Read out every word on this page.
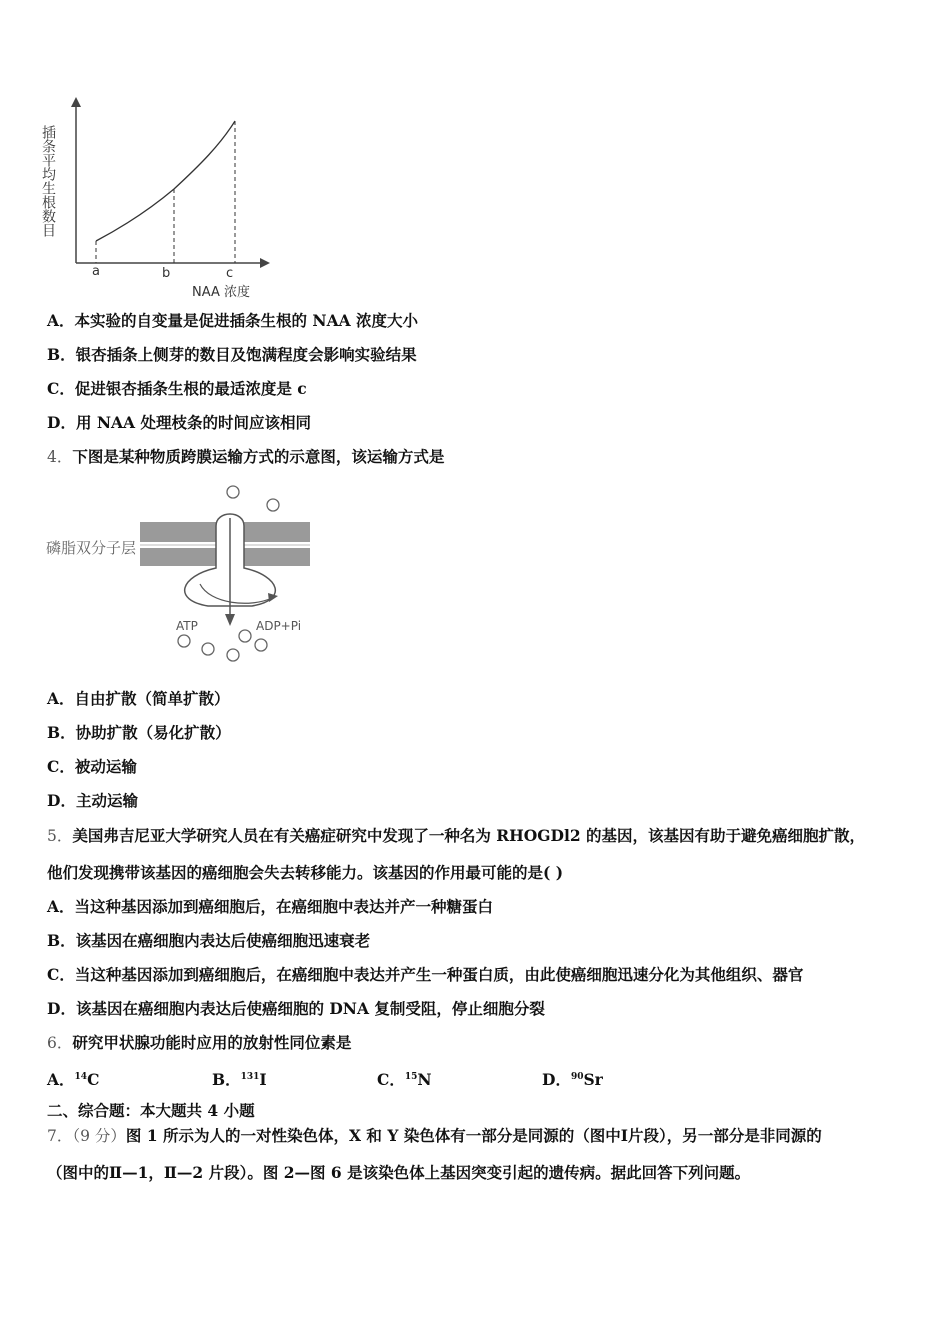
a	b	c
NAA 浓度
插条平均生根数目
A．本实验的自变量是促进插条生根的 NAA 浓度大小
B．银杏插条上侧芽的数目及饱满程度会影响实验结果
C．促进银杏插条生根的最适浓度是 c
D．用 NAA 处理枝条的时间应该相同
4．下图是某种物质跨膜运输方式的示意图，该运输方式是
磷脂双分子层
ATP	ADP+Pi
A．自由扩散（简单扩散）
B．协助扩散（易化扩散）
C．被动运输
D．主动运输
5．美国弗吉尼亚大学研究人员在有关癌症研究中发现了一种名为 RHOGDl2 的基因，该基因有助于避免癌细胞扩散，
他们发现携带该基因的癌细胞会失去转移能力。该基因的作用最可能的是( )
A．当这种基因添加到癌细胞后，在癌细胞中表达并产一种糖蛋白
B．该基因在癌细胞内表达后使癌细胞迅速衰老
C．当这种基因添加到癌细胞后，在癌细胞中表达并产生一种蛋白质，由此使癌细胞迅速分化为其他组织、器官
D．该基因在癌细胞内表达后使癌细胞的 DNA 复制受阻，停止细胞分裂
6．研究甲状腺功能时应用的放射性同位素是
A．$^{14}$C	B．$^{131}$I	C．$^{15}$N	D．$^{90}$Sr
二、综合题：本大题共 4 小题
7．（9 分）图 1 所示为人的一对性染色体，X 和 Y 染色体有一部分是同源的（图中Ⅰ片段），另一部分是非同源的
（图中的Ⅱ—1，Ⅱ—2 片段）。图 2—图 6 是该染色体上基因突变引起的遗传病。据此回答下列问题。
